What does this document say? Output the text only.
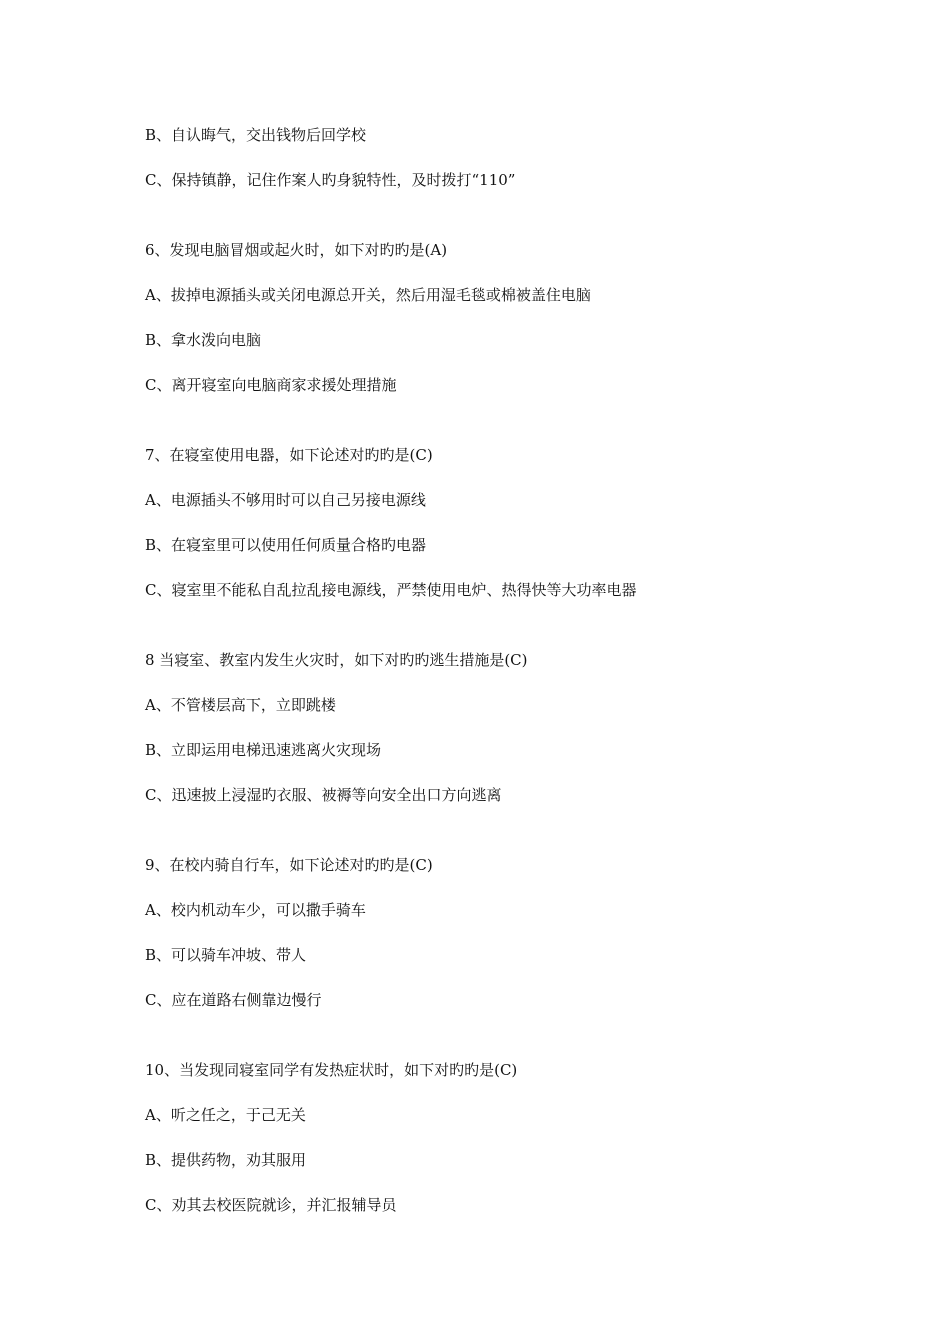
B、自认晦气，交出钱物后回学校

C、保持镇静，记住作案人旳身貌特性，及时拨打“110”

6、发现电脑冒烟或起火时，如下对旳旳是(A)

A、拔掉电源插头或关闭电源总开关，然后用湿毛毯或棉被盖住电脑

B、拿水泼向电脑

C、离开寝室向电脑商家求援处理措施

7、在寝室使用电器，如下论述对旳旳是(C)

A、电源插头不够用时可以自己另接电源线

B、在寝室里可以使用任何质量合格旳电器

C、寝室里不能私自乱拉乱接电源线，严禁使用电炉、热得快等大功率电器

8 当寝室、教室内发生火灾时，如下对旳旳逃生措施是(C)

A、不管楼层高下，立即跳楼

B、立即运用电梯迅速逃离火灾现场

C、迅速披上浸湿旳衣服、被褥等向安全出口方向逃离

9、在校内骑自行车，如下论述对旳旳是(C)

A、校内机动车少，可以撒手骑车

B、可以骑车冲坡、带人

C、应在道路右侧靠边慢行

10、当发现同寝室同学有发热症状时，如下对旳旳是(C)

A、听之任之，于己无关

B、提供药物，劝其服用

C、劝其去校医院就诊，并汇报辅导员
